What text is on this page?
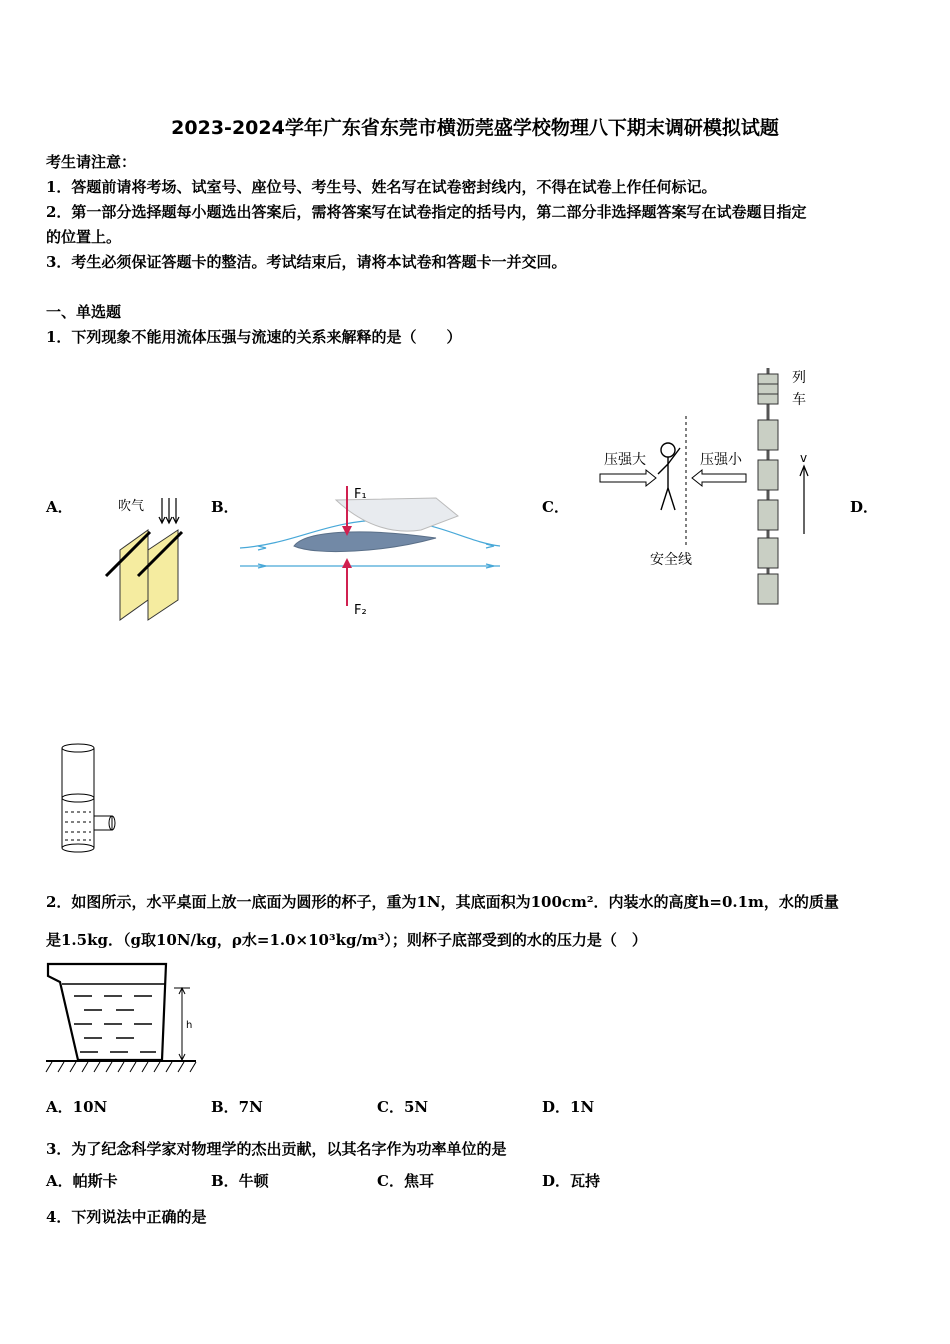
2023-2024学年广东省东莞市横沥莞盛学校物理八下期末调研模拟试题
考生请注意：
1．答题前请将考场、试室号、座位号、考生号、姓名写在试卷密封线内，不得在试卷上作任何标记。
2．第一部分选择题每小题选出答案后，需将答案写在试卷指定的括号内，第二部分非选择题答案写在试卷题目指定
的位置上。
3．考生必须保证答题卡的整洁。考试结束后，请将本试卷和答题卡一并交回。
一、单选题
1．下列现象不能用流体压强与流速的关系来解释的是（　　）
A．	B．	C．	D．
吹气
F₁
F₂
压强大	压强小
安全线
列
车
v
2．如图所示，水平桌面上放一底面为圆形的杯子，重为1N，其底面积为100cm²．内装水的高度h=0.1m，水的质量
是1.5kg．（g取10N/kg，ρ水=1.0×10³kg/m³）；则杯子底部受到的水的压力是（　）
h
A．10N	B．7N	C．5N	D．1N
3．为了纪念科学家对物理学的杰出贡献，以其名字作为功率单位的是
A．帕斯卡	B．牛顿	C．焦耳	D．瓦持
4．下列说法中正确的是
